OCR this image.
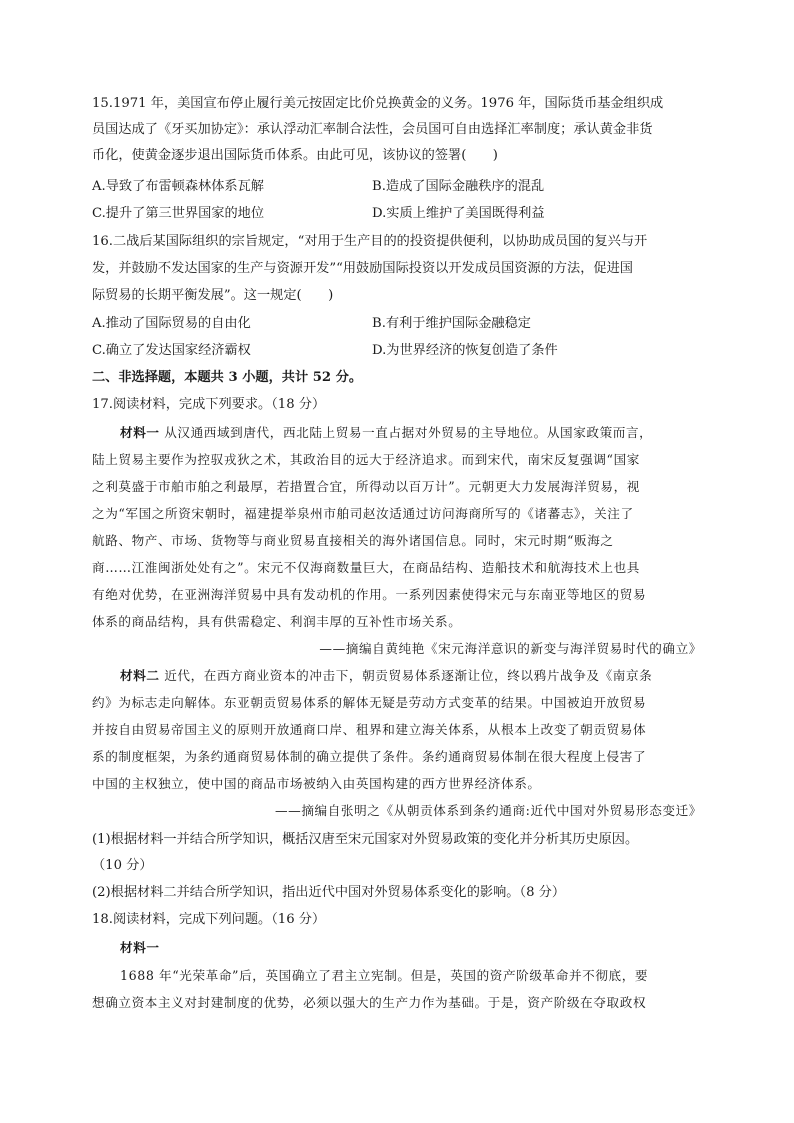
15.1971 年，美国宣布停止履行美元按固定比价兑换黄金的义务。1976 年，国际货币基金组织成
员国达成了《牙买加协定》：承认浮动汇率制合法性，会员国可自由选择汇率制度；承认黄金非货
币化，使黄金逐步退出国际货币体系。由此可见，该协议的签署(　　)
A.导致了布雷顿森林体系瓦解	B.造成了国际金融秩序的混乱
C.提升了第三世界国家的地位	D.实质上维护了美国既得利益
16.二战后某国际组织的宗旨规定，“对用于生产目的的投资提供便利，以协助成员国的复兴与开
发，并鼓励不发达国家的生产与资源开发”“用鼓励国际投资以开发成员国资源的方法，促进国
际贸易的长期平衡发展”。这一规定(　　)
A.推动了国际贸易的自由化	B.有利于维护国际金融稳定
C.确立了发达国家经济霸权	D.为世界经济的恢复创造了条件
二、非选择题，本题共 3 小题，共计 52 分。
17.阅读材料，完成下列要求。（18 分）
材料一 从汉通西域到唐代，西北陆上贸易一直占据对外贸易的主导地位。从国家政策而言，
陆上贸易主要作为控驭戎狄之术，其政治目的远大于经济追求。而到宋代，南宋反复强调“国家
之利莫盛于市舶市舶之利最厚，若措置合宜，所得动以百万计”。元朝更大力发展海洋贸易，视
之为“军国之所资宋朝时，福建提举泉州市舶司赵汝适通过访问海商所写的《诸蕃志》，关注了
航路、物产、市场、货物等与商业贸易直接相关的海外诸国信息。同时，宋元时期“贩海之
商……江淮闽浙处处有之”。宋元不仅海商数量巨大，在商品结构、造船技术和航海技术上也具
有绝对优势，在亚洲海洋贸易中具有发动机的作用。一系列因素使得宋元与东南亚等地区的贸易
体系的商品结构，具有供需稳定、利润丰厚的互补性市场关系。
——摘编自黄纯艳《宋元海洋意识的新变与海洋贸易时代的确立》
材料二 近代，在西方商业资本的冲击下，朝贡贸易体系逐渐让位，终以鸦片战争及《南京条
约》为标志走向解体。东亚朝贡贸易体系的解体无疑是劳动方式变革的结果。中国被迫开放贸易
并按自由贸易帝国主义的原则开放通商口岸、租界和建立海关体系，从根本上改变了朝贡贸易体
系的制度框架，为条约通商贸易体制的确立提供了条件。条约通商贸易体制在很大程度上侵害了
中国的主权独立，使中国的商品市场被纳入由英国构建的西方世界经济体系。
——摘编自张明之《从朝贡体系到条约通商:近代中国对外贸易形态变迁》
(1)根据材料一并结合所学知识，概括汉唐至宋元国家对外贸易政策的变化并分析其历史原因。
（10 分）
(2)根据材料二并结合所学知识，指出近代中国对外贸易体系变化的影响。（8 分）
18.阅读材料，完成下列问题。（16 分）
材料一
1688 年“光荣革命”后，英国确立了君主立宪制。但是，英国的资产阶级革命并不彻底，要
想确立资本主义对封建制度的优势，必须以强大的生产力作为基础。于是，资产阶级在夺取政权
